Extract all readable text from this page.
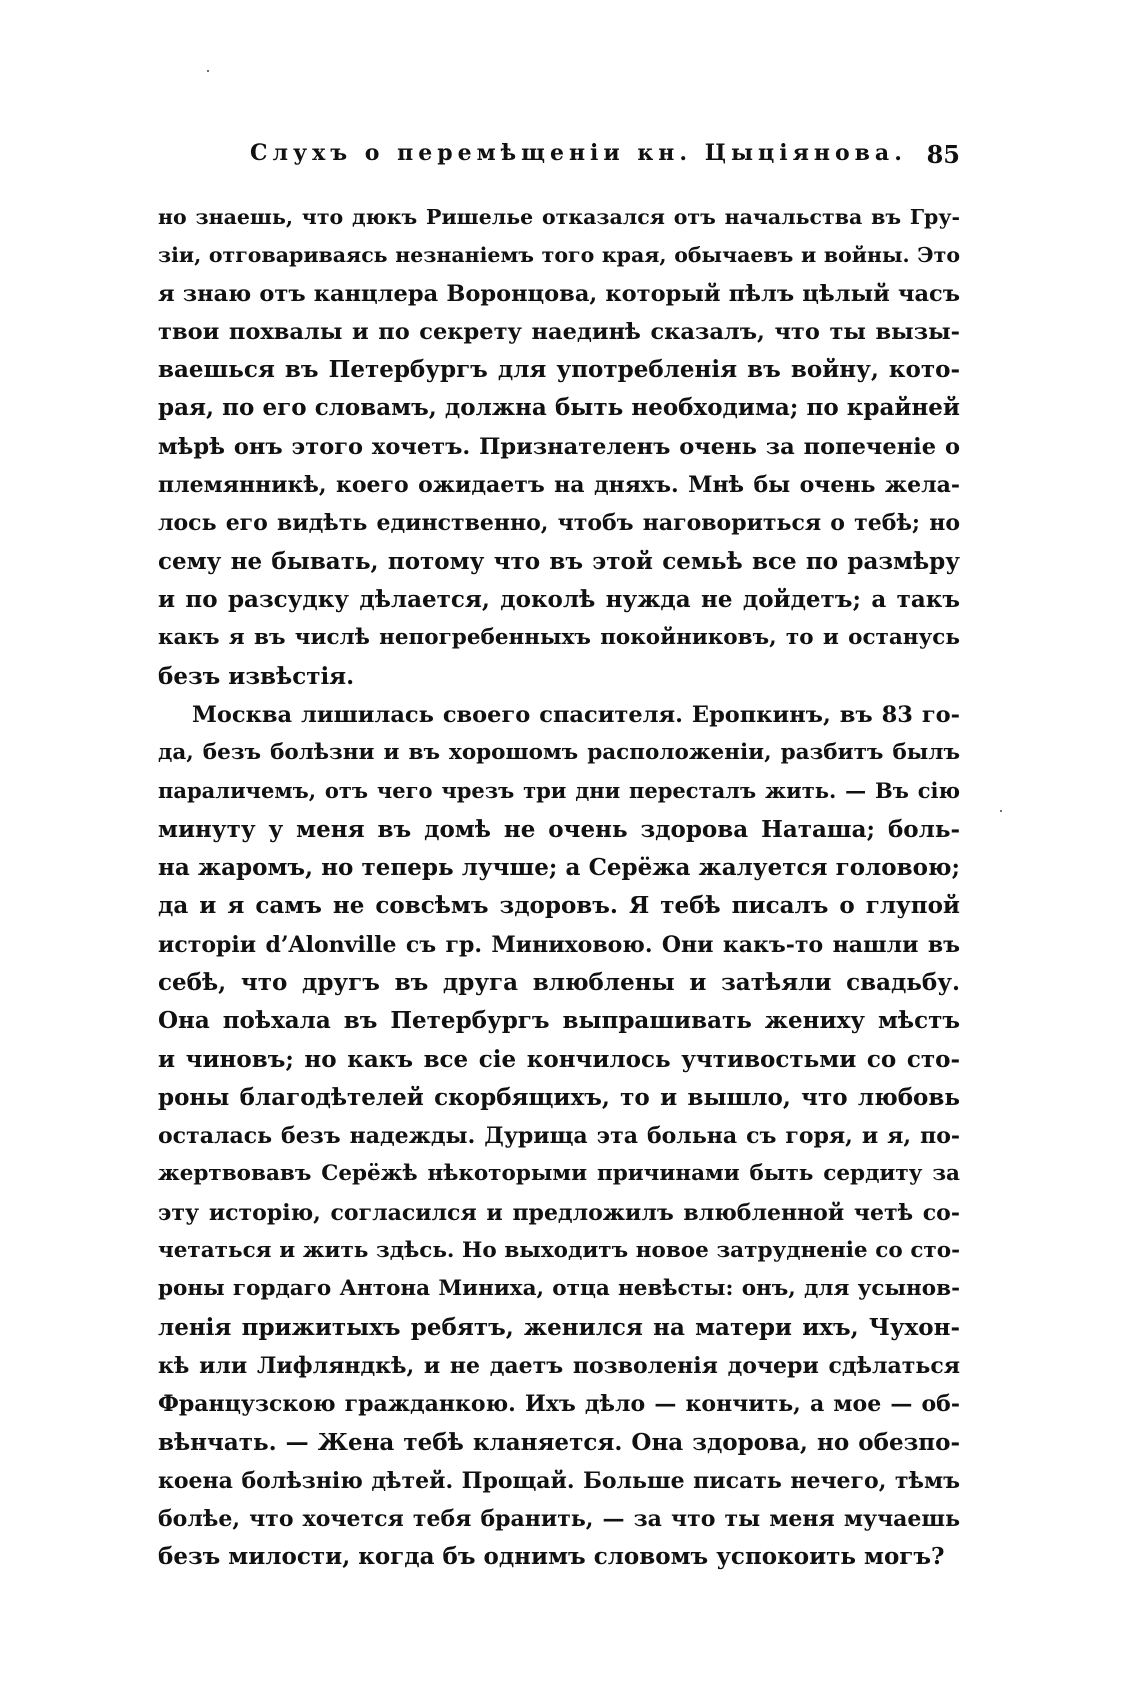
Слухъ о перемѣщеніи кн. Цыціянова. 85
но знаешь, что дюкъ Ришелье отказался отъ начальства въ Гру-
зіи, отговариваясь незнаніемъ того края, обычаевъ и войны. Это
я знаю отъ канцлера Воронцова, который пѣлъ цѣлый часъ
твои похвалы и по секрету наединѣ сказалъ, что ты вызы-
ваешься въ Петербургъ для употребленія въ войну, кото-
рая, по его словамъ, должна быть необходима; по крайней
мѣрѣ онъ этого хочетъ. Признателенъ очень за попеченіе о
племянникѣ, коего ожидаетъ на дняхъ. Мнѣ бы очень жела-
лось его видѣть единственно, чтобъ наговориться о тебѣ; но
сему не бывать, потому что въ этой семьѣ все по размѣру
и по разсудку дѣлается, доколѣ нужда не дойдетъ; а такъ
какъ я въ числѣ непогребенныхъ покойниковъ, то и останусь
безъ извѣстія.
Москва лишилась своего спасителя. Еропкинъ, въ 83 го-
да, безъ болѣзни и въ хорошомъ расположеніи, разбитъ былъ
параличемъ, отъ чего чрезъ три дни пересталъ жить. — Въ сію
минуту у меня въ домѣ не очень здорова Наташа; боль-
на жаромъ, но теперь лучше; а Серёжа жалуется головою;
да и я самъ не совсѣмъ здоровъ. Я тебѣ писалъ о глупой
исторіи d’Alonville съ гр. Миниховою. Они какъ-то нашли въ
себѣ, что другъ въ друга влюблены и затѣяли свадьбу.
Она поѣхала въ Петербургъ выпрашивать жениху мѣстъ
и чиновъ; но какъ все сіе кончилось учтивостьми со сто-
роны благодѣтелей скорбящихъ, то и вышло, что любовь
осталась безъ надежды. Дурища эта больна съ горя, и я, по-
жертвовавъ Серёжѣ нѣкоторыми причинами быть сердиту за
эту исторію, согласился и предложилъ влюбленной четѣ со-
четаться и жить здѣсь. Но выходитъ новое затрудненіе со сто-
роны гордаго Антона Миниха, отца невѣсты: онъ, для усынов-
ленія прижитыхъ ребятъ, женился на матери ихъ, Чухон-
кѣ или Лифляндкѣ, и не даетъ позволенія дочери сдѣлаться
Французскою гражданкою. Ихъ дѣло — кончить, а мое — об-
вѣнчать. — Жена тебѣ кланяется. Она здорова, но обезпо-
коена болѣзнію дѣтей. Прощай. Больше писать нечего, тѣмъ
болѣе, что хочется тебя бранить, — за что ты меня мучаешь
безъ милости, когда бъ однимъ словомъ успокоить могъ?
